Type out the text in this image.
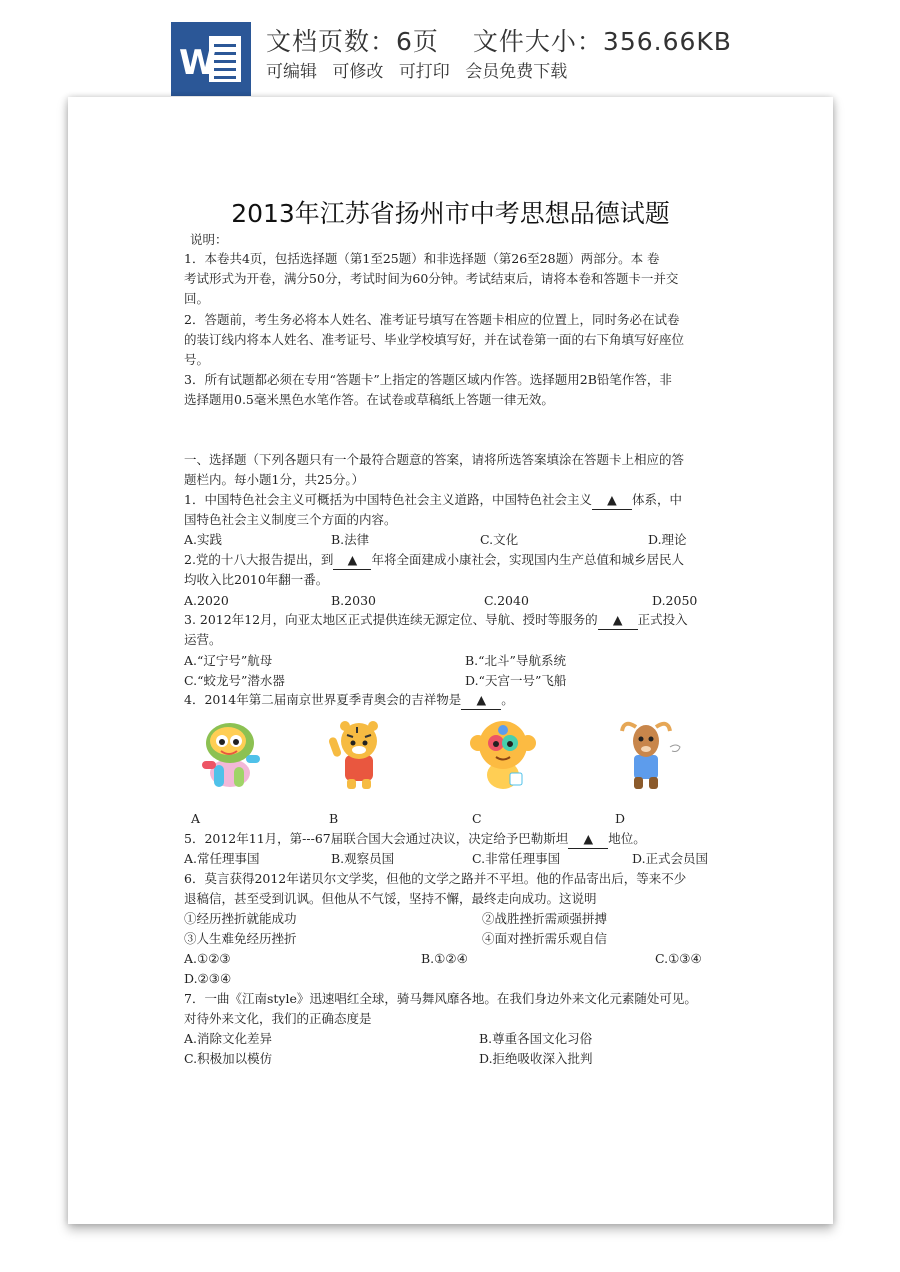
W
文档页数：6页 文件大小：356.66KB
可编辑 可修改 可打印 会员免费下载
2013年江苏省扬州市中考思想品德试题
说明：
1．本卷共4页，包括选择题（第1至25题）和非选择题（第26至28题）两部分。本 卷
考试形式为开卷，满分50分，考试时间为60分钟。考试结束后，请将本卷和答题卡一并交
回。
2．答题前，考生务必将本人姓名、准考证号填写在答题卡相应的位置上，同时务必在试卷
的装订线内将本人姓名、准考证号、毕业学校填写好，并在试卷第一面的右下角填写好座位
号。
3．所有试题都必须在专用“答题卡”上指定的答题区域内作答。选择题用2B铅笔作答，非
选择题用0.5毫米黑色水笔作答。在试卷或草稿纸上答题一律无效。
一、选择题（下列各题只有一个最符合题意的答案，请将所选答案填涂在答题卡上相应的答
题栏内。每小题1分，共25分。）
1．中国特色社会主义可概括为中国特色社会主义道路，中国特色社会主义 ▲ 体系，中
国特色社会主义制度三个方面的内容。
A.实践	B.法律	C.文化	D.理论
2.党的十八大报告提出，到 ▲ 年将全面建成小康社会，实现国内生产总值和城乡居民人
均收入比2010年翻一番。
A.2020	B.2030	C.2040	D.2050
3. 2012年12月，向亚太地区正式提供连续无源定位、导航、授时等服务的 ▲ 正式投入
运营。
A.“辽宁号”航母	B.“北斗”导航系统
C.“蛟龙号”潜水器	D.“天宫一号”飞船
4．2014年第二届南京世界夏季青奥会的吉祥物是 ▲ 。
A	B	C	D
5．2012年11月，第---67届联合国大会通过决议，决定给予巴勒斯坦 ▲ 地位。
A.常任理事国	B.观察员国	C.非常任理事国	D.正式会员国
6．莫言获得2012年诺贝尔文学奖，但他的文学之路并不平坦。他的作品寄出后，等来不少
退稿信，甚至受到讥讽。但他从不气馁，坚持不懈，最终走向成功。这说明
①经历挫折就能成功	②战胜挫折需顽强拼搏
③人生难免经历挫折	④面对挫折需乐观自信
A.①②③	B.①②④	C.①③④
D.②③④
7．一曲《江南style》迅速唱红全球，骑马舞风靡各地。在我们身边外来文化元素随处可见。
对待外来文化，我们的正确态度是
A.消除文化差异	B.尊重各国文化习俗
C.积极加以模仿	D.拒绝吸收深入批判
